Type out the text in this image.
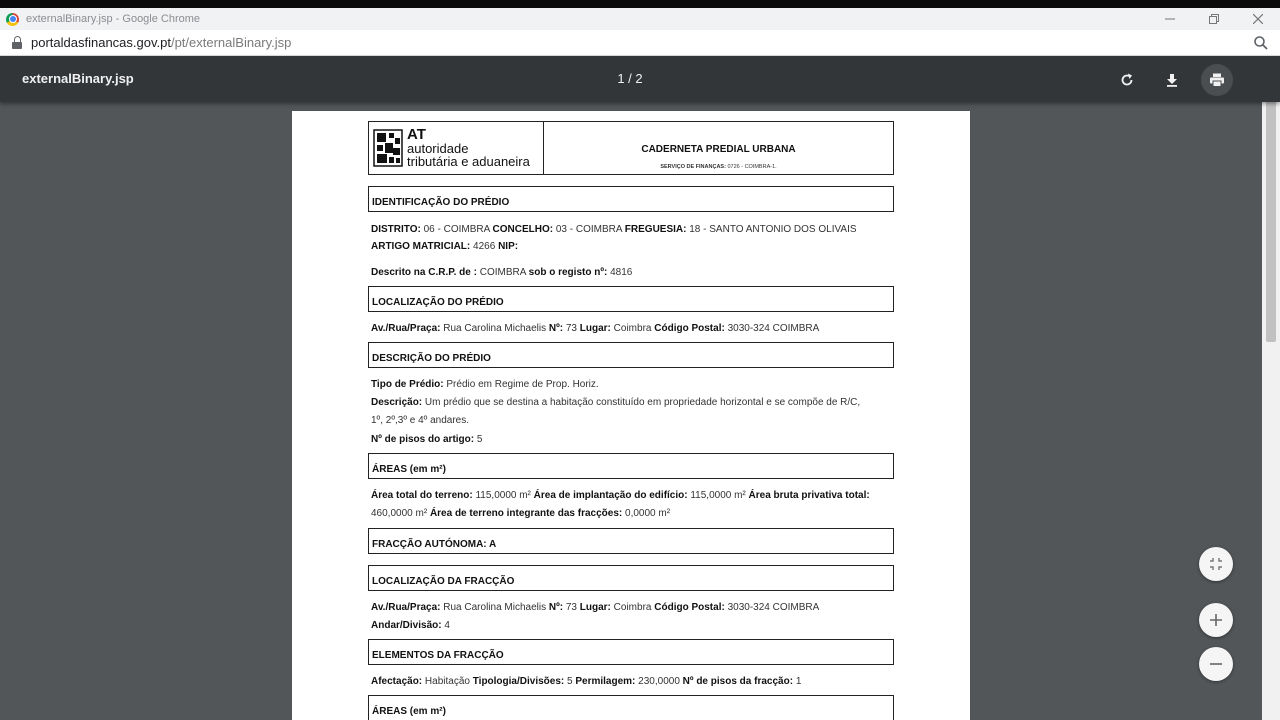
externalBinary.jsp - Google Chrome
portaldasfinancas.gov.pt/pt/externalBinary.jsp
externalBinary.jsp	1 / 2
AT
autoridade
tributária e aduaneira
CADERNETA PREDIAL URBANA
SERVIÇO DE FINANÇAS: 0726 - COIMBRA-1.
IDENTIFICAÇÃO DO PRÉDIO
DISTRITO: 06 - COIMBRA CONCELHO: 03 - COIMBRA FREGUESIA: 18 - SANTO ANTONIO DOS OLIVAIS
ARTIGO MATRICIAL: 4266 NIP:
Descrito na C.R.P. de : COIMBRA sob o registo nº: 4816
LOCALIZAÇÃO DO PRÉDIO
Av./Rua/Praça: Rua Carolina Michaelis Nº: 73 Lugar: Coimbra Código Postal: 3030-324 COIMBRA
DESCRIÇÃO DO PRÉDIO
Tipo de Prédio: Prédio em Regime de Prop. Horiz.
Descrição: Um prédio que se destina a habitação constituído em propriedade horizontal e se compõe de R/C,
1º, 2º,3º e 4º andares.
Nº de pisos do artigo: 5
ÁREAS (em m²)
Área total do terreno: 115,0000 m² Área de implantação do edifício: 115,0000 m² Área bruta privativa total:
460,0000 m² Área de terreno integrante das fracções: 0,0000 m²
FRACÇÃO AUTÓNOMA: A
LOCALIZAÇÃO DA FRACÇÃO
Av./Rua/Praça: Rua Carolina Michaelis Nº: 73 Lugar: Coimbra Código Postal: 3030-324 COIMBRA
Andar/Divisão: 4
ELEMENTOS DA FRACÇÃO
Afectação: Habitação Tipologia/Divisões: 5 Permilagem: 230,0000 Nº de pisos da fracção: 1
ÁREAS (em m²)
